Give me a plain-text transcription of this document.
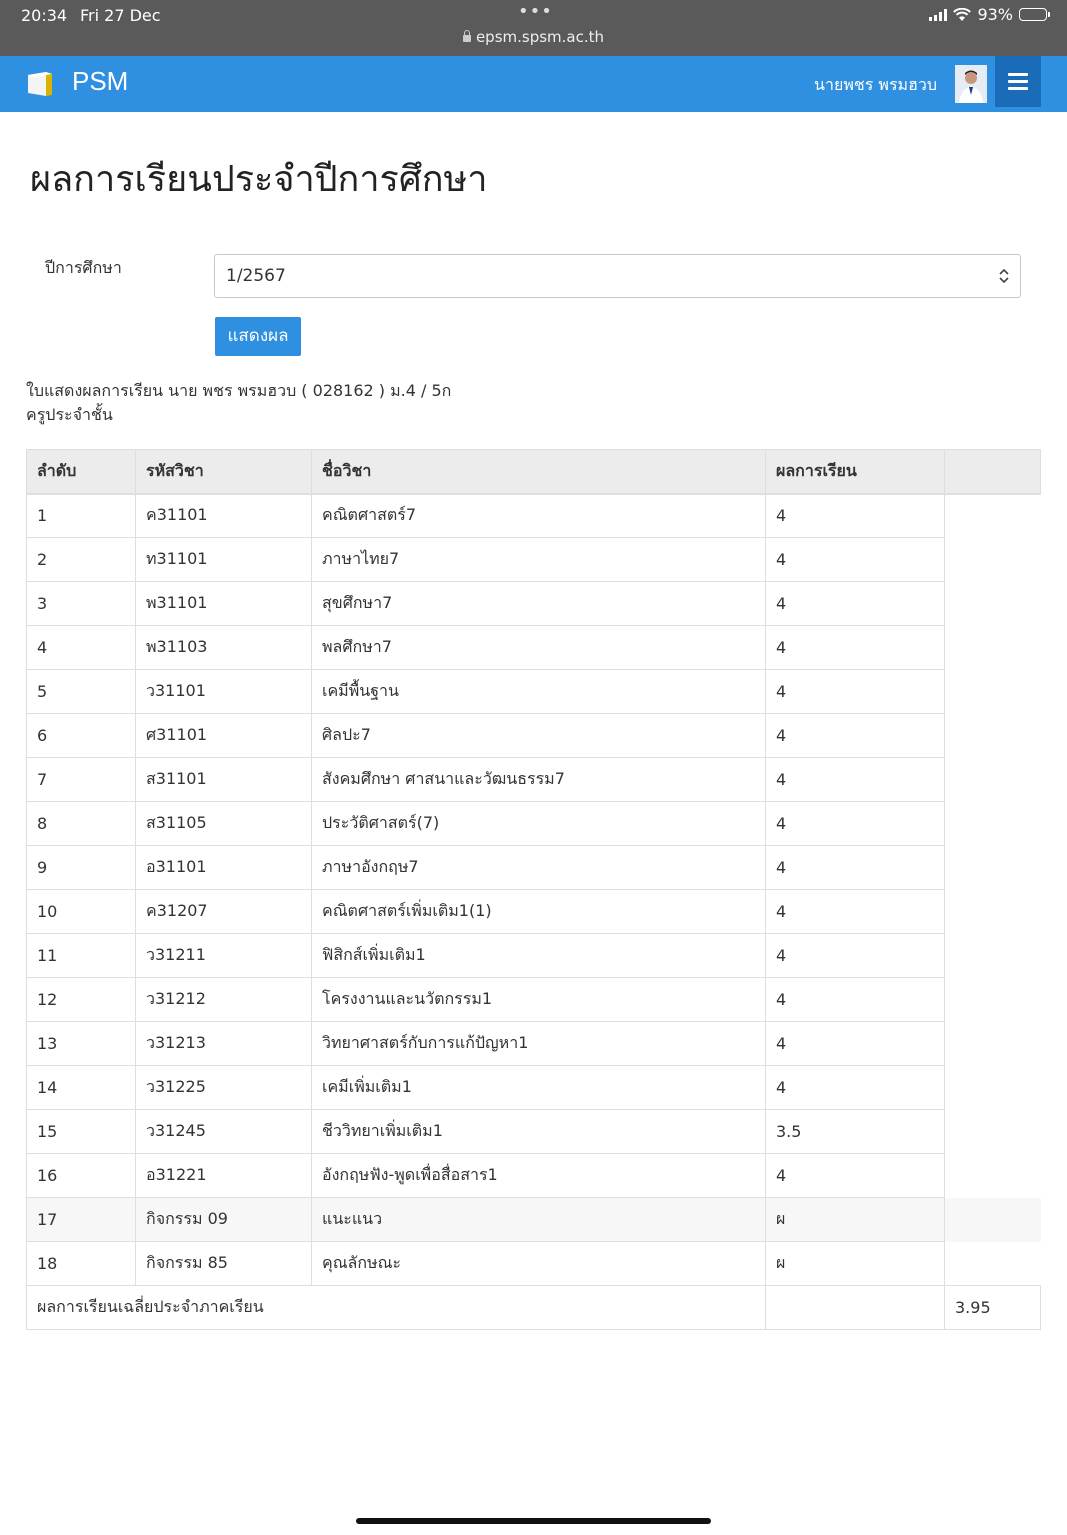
20:34 Fri 27 Dec	•••
epsm.spsm.ac.th
93%
PSM	นายพชร พรมฮวบ
ผลการเรียนประจำปีการศึกษา
ปีการศึกษา	1/2567
แสดงผล
ใบแสดงผลการเรียน นาย พชร พรมฮวบ ( 028162 ) ม.4 / 5ก
ครูประจำชั้น
ลำดับ	รหัสวิชา	ชื่อวิชา	ผลการเรียน	
1	ค31101	คณิตศาสตร์7	4	
2	ท31101	ภาษาไทย7	4	
3	พ31101	สุขศึกษา7	4	
4	พ31103	พลศึกษา7	4	
5	ว31101	เคมีพื้นฐาน	4	
6	ศ31101	ศิลปะ7	4	
7	ส31101	สังคมศึกษา ศาสนาและวัฒนธรรม7	4	
8	ส31105	ประวัติศาสตร์(7)	4	
9	อ31101	ภาษาอังกฤษ7	4	
10	ค31207	คณิตศาสตร์เพิ่มเติม1(1)	4	
11	ว31211	ฟิสิกส์เพิ่มเติม1	4	
12	ว31212	โครงงานและนวัตกรรม1	4	
13	ว31213	วิทยาศาสตร์กับการแก้ปัญหา1	4	
14	ว31225	เคมีเพิ่มเติม1	4	
15	ว31245	ชีววิทยาเพิ่มเติม1	3.5	
16	อ31221	อังกฤษฟัง-พูดเพื่อสื่อสาร1	4	
17	กิจกรรม 09	แนะแนว	ผ	
18	กิจกรรม 85	คุณลักษณะ	ผ	
ผลการเรียนเฉลี่ยประจำภาคเรียน				3.95
